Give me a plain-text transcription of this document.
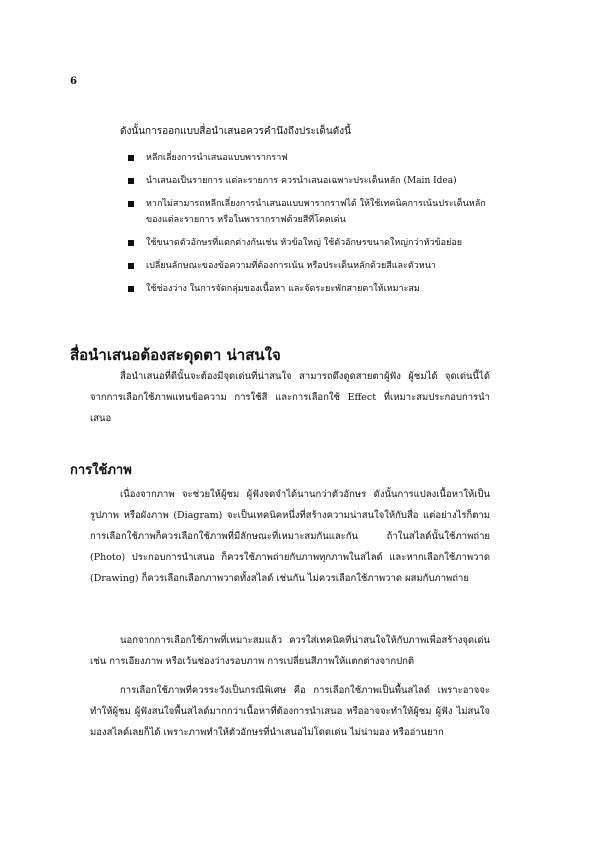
6
ดังนั้นการออกแบบสื่อนำเสนอควรคำนึงถึงประเด็นดังนี้
หลีกเลี่ยงการนำเสนอแบบพารากราฟ
นำเสนอเป็นรายการ แต่ละรายการ ควรนำเสนอเฉพาะประเด็นหลัก (Main Idea)
หากไม่สามารถหลีกเลี่ยงการนำเสนอแบบพารากราฟได้ ให้ใช้เทคนิคการเน้นประเด็นหลักของแต่ละรายการ หรือในพารากราฟด้วยสีที่โดดเด่น
ใช้ขนาดตัวอักษรที่แตกต่างกันเช่น หัวข้อใหญ่ ใช้ตัวอักษรขนาดใหญ่กว่าหัวข้อย่อย
เปลี่ยนลักษณะของข้อความที่ต้องการเน้น หรือประเด็นหลักด้วยสีและตัวหนา
ใช้ช่องว่าง ในการจัดกลุ่มของเนื้อหา และจัดระยะพักสายตาให้เหมาะสม
สื่อนำเสนอต้องสะดุดตา น่าสนใจ

สื่อนำเสนอที่ดีนั้นจะต้องมีจุดเด่นที่น่าสนใจ สามารถดึงดูดสายตาผู้ฟัง ผู้ชมได้ จุดเด่นนี้ได้จากการเลือกใช้ภาพแทนข้อความ การใช้สี และการเลือกใช้ Effect ที่เหมาะสมประกอบการนำเสนอ

การใช้ภาพ

เนื่องจากภาพ จะช่วยให้ผู้ชม ผู้ฟังจดจำได้นานกว่าตัวอักษร ดังนั้นการแปลงเนื้อหาให้เป็นรูปภาพ หรือผังภาพ (Diagram) จะเป็นเทคนิคหนึ่งที่สร้างความน่าสนใจให้กับสื่อ แต่อย่างไรก็ตามการเลือกใช้ภาพก็ควรเลือกใช้ภาพที่มีลักษณะที่เหมาะสมกันและกัน ถ้าในสไลด์นั้นใช้ภาพถ่าย (Photo) ประกอบการนำเสนอ ก็ควรใช้ภาพถ่ายกับภาพทุกภาพในสไลด์ และหากเลือกใช้ภาพวาด (Drawing) ก็ควรเลือกเลือกภาพวาดทั้งสไลด์ เช่นกัน ไม่ควรเลือกใช้ภาพวาด ผสมกับภาพถ่าย

นอกจากการเลือกใช้ภาพที่เหมาะสมแล้ว ควรใส่เทคนิคที่น่าสนใจให้กับภาพเพื่อสร้างจุดเด่น เช่น การเอียงภาพ หรือเว้นช่องว่างรอบภาพ การเปลี่ยนสีภาพให้แตกต่างจากปกติ

การเลือกใช้ภาพที่ควรระวังเป็นกรณีพิเศษ คือ การเลือกใช้ภาพเป็นพื้นสไลด์ เพราะอาจจะทำให้ผู้ชม ผู้ฟังสนใจพื้นสไลด์มากกว่าเนื้อหาที่ต้องการนำเสนอ หรืออาจจะทำให้ผู้ชม ผู้ฟัง ไม่สนใจมองสไลด์เลยก็ได้ เพราะภาพทำให้ตัวอักษรที่นำเสนอไม่โดดเด่น ไม่น่ามอง หรืออ่านยาก
